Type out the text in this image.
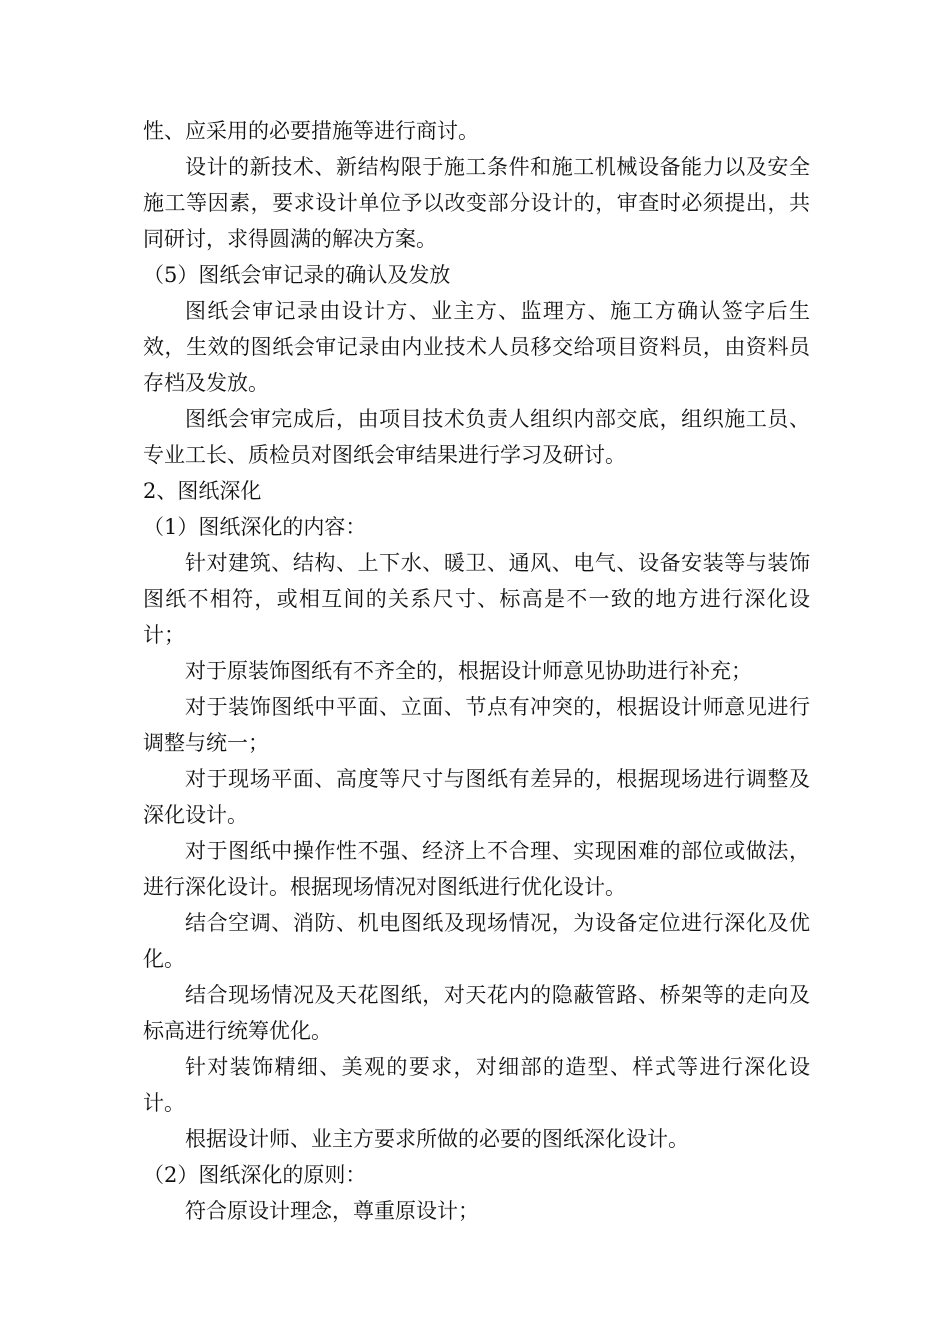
性、应采用的必要措施等进行商讨。

设计的新技术、新结构限于施工条件和施工机械设备能力以及安全施工等因素，要求设计单位予以改变部分设计的，审查时必须提出，共同研讨，求得圆满的解决方案。

（5）图纸会审记录的确认及发放

图纸会审记录由设计方、业主方、监理方、施工方确认签字后生效，生效的图纸会审记录由内业技术人员移交给项目资料员，由资料员存档及发放。

图纸会审完成后，由项目技术负责人组织内部交底，组织施工员、专业工长、质检员对图纸会审结果进行学习及研讨。

2、图纸深化

（1）图纸深化的内容：

针对建筑、结构、上下水、暖卫、通风、电气、设备安装等与装饰图纸不相符，或相互间的关系尺寸、标高是不一致的地方进行深化设计；

对于原装饰图纸有不齐全的，根据设计师意见协助进行补充；

对于装饰图纸中平面、立面、节点有冲突的，根据设计师意见进行调整与统一；

对于现场平面、高度等尺寸与图纸有差异的，根据现场进行调整及深化设计。

对于图纸中操作性不强、经济上不合理、实现困难的部位或做法，进行深化设计。根据现场情况对图纸进行优化设计。

结合空调、消防、机电图纸及现场情况，为设备定位进行深化及优化。

结合现场情况及天花图纸，对天花内的隐蔽管路、桥架等的走向及标高进行统筹优化。

针对装饰精细、美观的要求，对细部的造型、样式等进行深化设计。

根据设计师、业主方要求所做的必要的图纸深化设计。

（2）图纸深化的原则：

符合原设计理念，尊重原设计；
